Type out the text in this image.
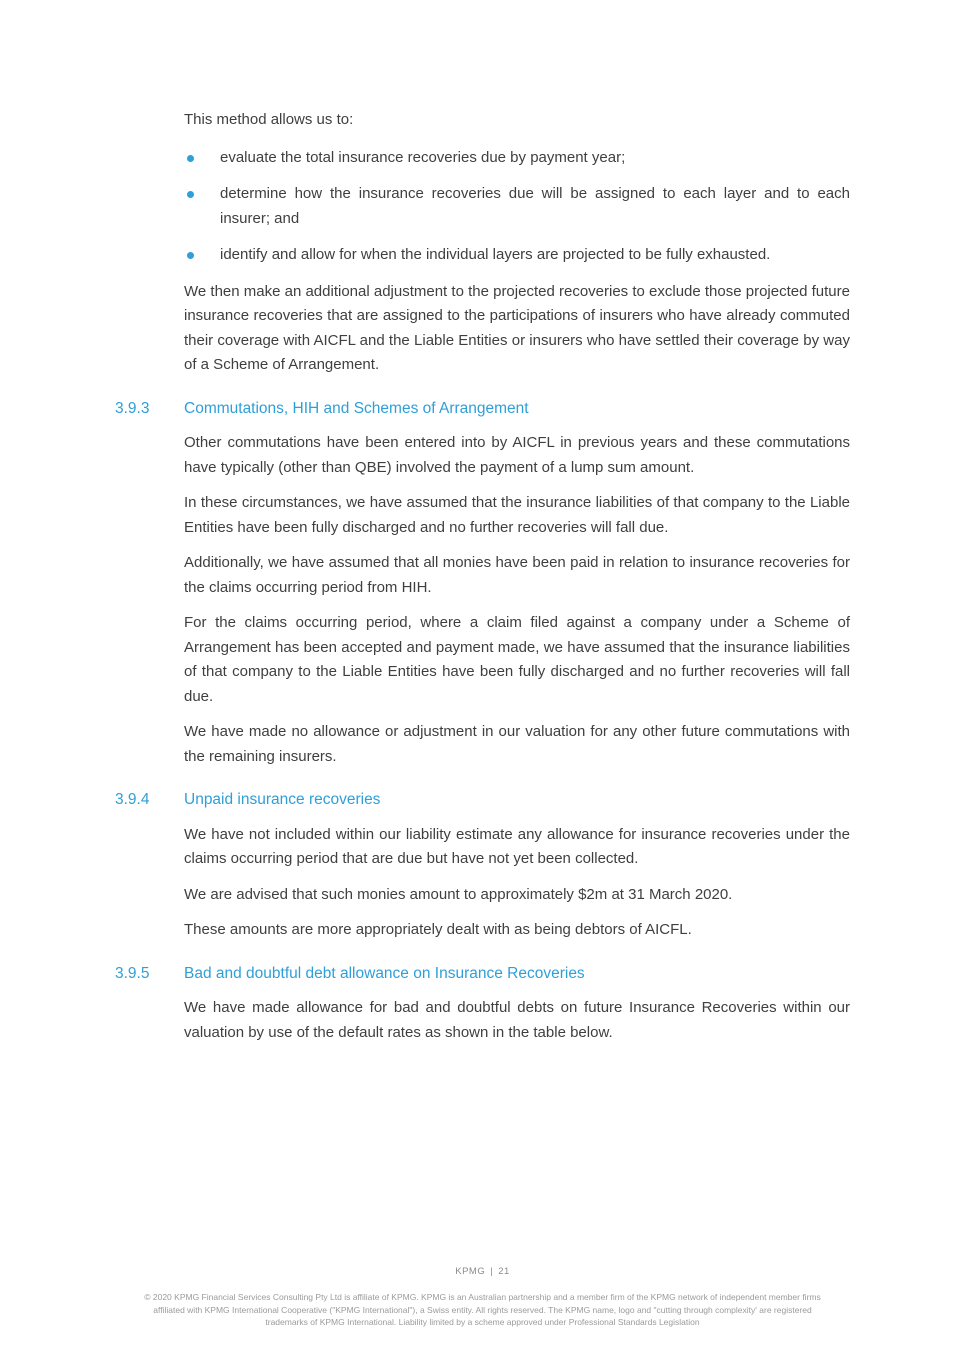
This method allows us to:

evaluate the total insurance recoveries due by payment year;
determine how the insurance recoveries due will be assigned to each layer and to each insurer; and
identify and allow for when the individual layers are projected to be fully exhausted.

We then make an additional adjustment to the projected recoveries to exclude those projected future insurance recoveries that are assigned to the participations of insurers who have already commuted their coverage with AICFL and the Liable Entities or insurers who have settled their coverage by way of a Scheme of Arrangement.

3.9.3	Commutations, HIH and Schemes of Arrangement

Other commutations have been entered into by AICFL in previous years and these commutations have typically (other than QBE) involved the payment of a lump sum amount.

In these circumstances, we have assumed that the insurance liabilities of that company to the Liable Entities have been fully discharged and no further recoveries will fall due.

Additionally, we have assumed that all monies have been paid in relation to insurance recoveries for the claims occurring period from HIH.

For the claims occurring period, where a claim filed against a company under a Scheme of Arrangement has been accepted and payment made, we have assumed that the insurance liabilities of that company to the Liable Entities have been fully discharged and no further recoveries will fall due.

We have made no allowance or adjustment in our valuation for any other future commutations with the remaining insurers.

3.9.4	Unpaid insurance recoveries

We have not included within our liability estimate any allowance for insurance recoveries under the claims occurring period that are due but have not yet been collected.

We are advised that such monies amount to approximately $2m at 31 March 2020.

These amounts are more appropriately dealt with as being debtors of AICFL.

3.9.5	Bad and doubtful debt allowance on Insurance Recoveries

We have made allowance for bad and doubtful debts on future Insurance Recoveries within our valuation by use of the default rates as shown in the table below.

KPMG | 21
© 2020 KPMG Financial Services Consulting Pty Ltd is affiliate of KPMG. KPMG is an Australian partnership and a member firm of the KPMG network of independent member firms
affiliated with KPMG International Cooperative ("KPMG International"), a Swiss entity. All rights reserved. The KPMG name, logo and "cutting through complexity' are registered
trademarks of KPMG International. Liability limited by a scheme approved under Professional Standards Legislation
